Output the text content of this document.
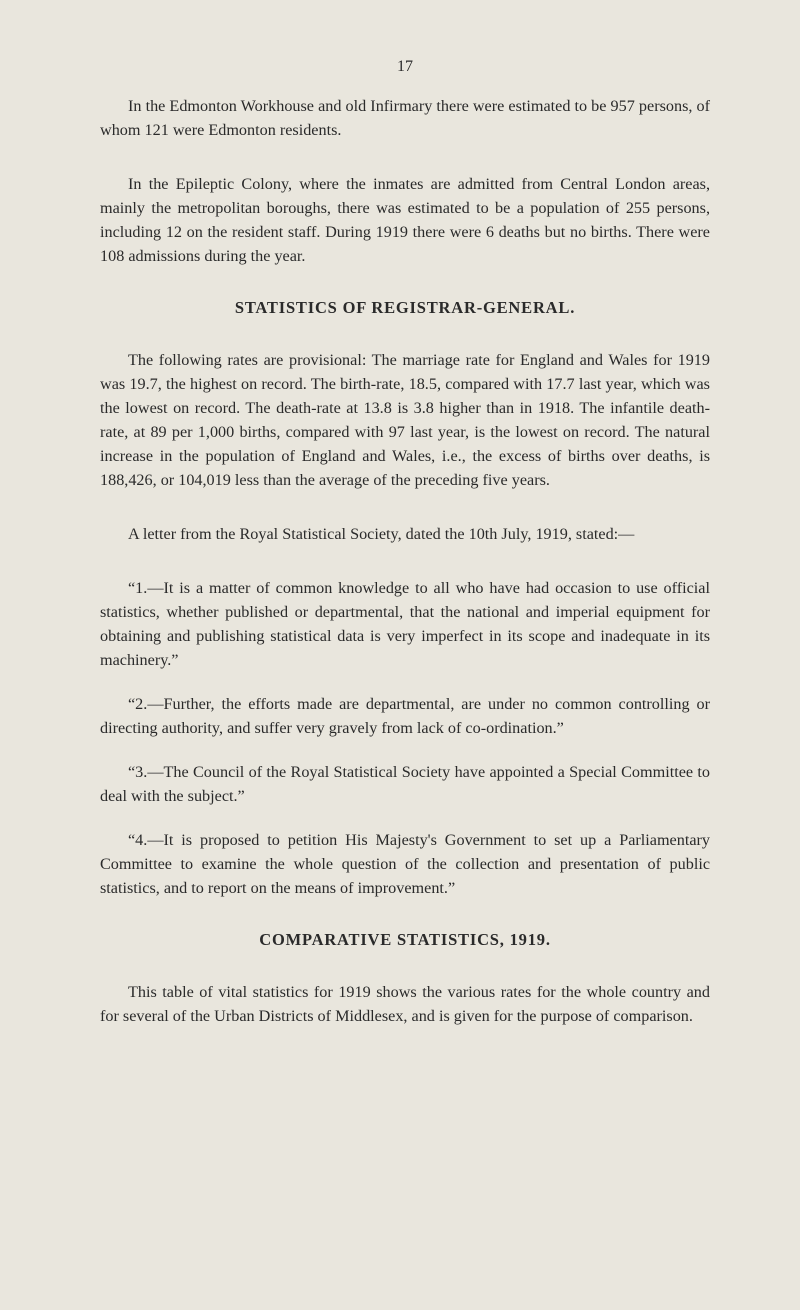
17

In the Edmonton Workhouse and old Infirmary there were estimated to be 957 persons, of whom 121 were Edmonton residents.

In the Epileptic Colony, where the inmates are admitted from Central London areas, mainly the metropolitan boroughs, there was estimated to be a population of 255 persons, including 12 on the resident staff. During 1919 there were 6 deaths but no births. There were 108 admissions during the year.

STATISTICS OF REGISTRAR-GENERAL.

The following rates are provisional: The marriage rate for England and Wales for 1919 was 19.7, the highest on record. The birth-rate, 18.5, compared with 17.7 last year, which was the lowest on record. The death-rate at 13.8 is 3.8 higher than in 1918. The infantile death-rate, at 89 per 1,000 births, compared with 97 last year, is the lowest on record. The natural increase in the population of England and Wales, i.e., the excess of births over deaths, is 188,426, or 104,019 less than the average of the preceding five years.

A letter from the Royal Statistical Society, dated the 10th July, 1919, stated:—

“1.—It is a matter of common knowledge to all who have had occasion to use official statistics, whether published or departmental, that the national and imperial equipment for obtaining and publishing statistical data is very imperfect in its scope and inadequate in its machinery.”

“2.—Further, the efforts made are departmental, are under no common controlling or directing authority, and suffer very gravely from lack of co-ordination.”

“3.—The Council of the Royal Statistical Society have appointed a Special Committee to deal with the subject.”

“4.—It is proposed to petition His Majesty's Government to set up a Parliamentary Committee to examine the whole question of the collection and presentation of public statistics, and to report on the means of improvement.”

COMPARATIVE STATISTICS, 1919.

This table of vital statistics for 1919 shows the various rates for the whole country and for several of the Urban Districts of Middlesex, and is given for the purpose of comparison.
